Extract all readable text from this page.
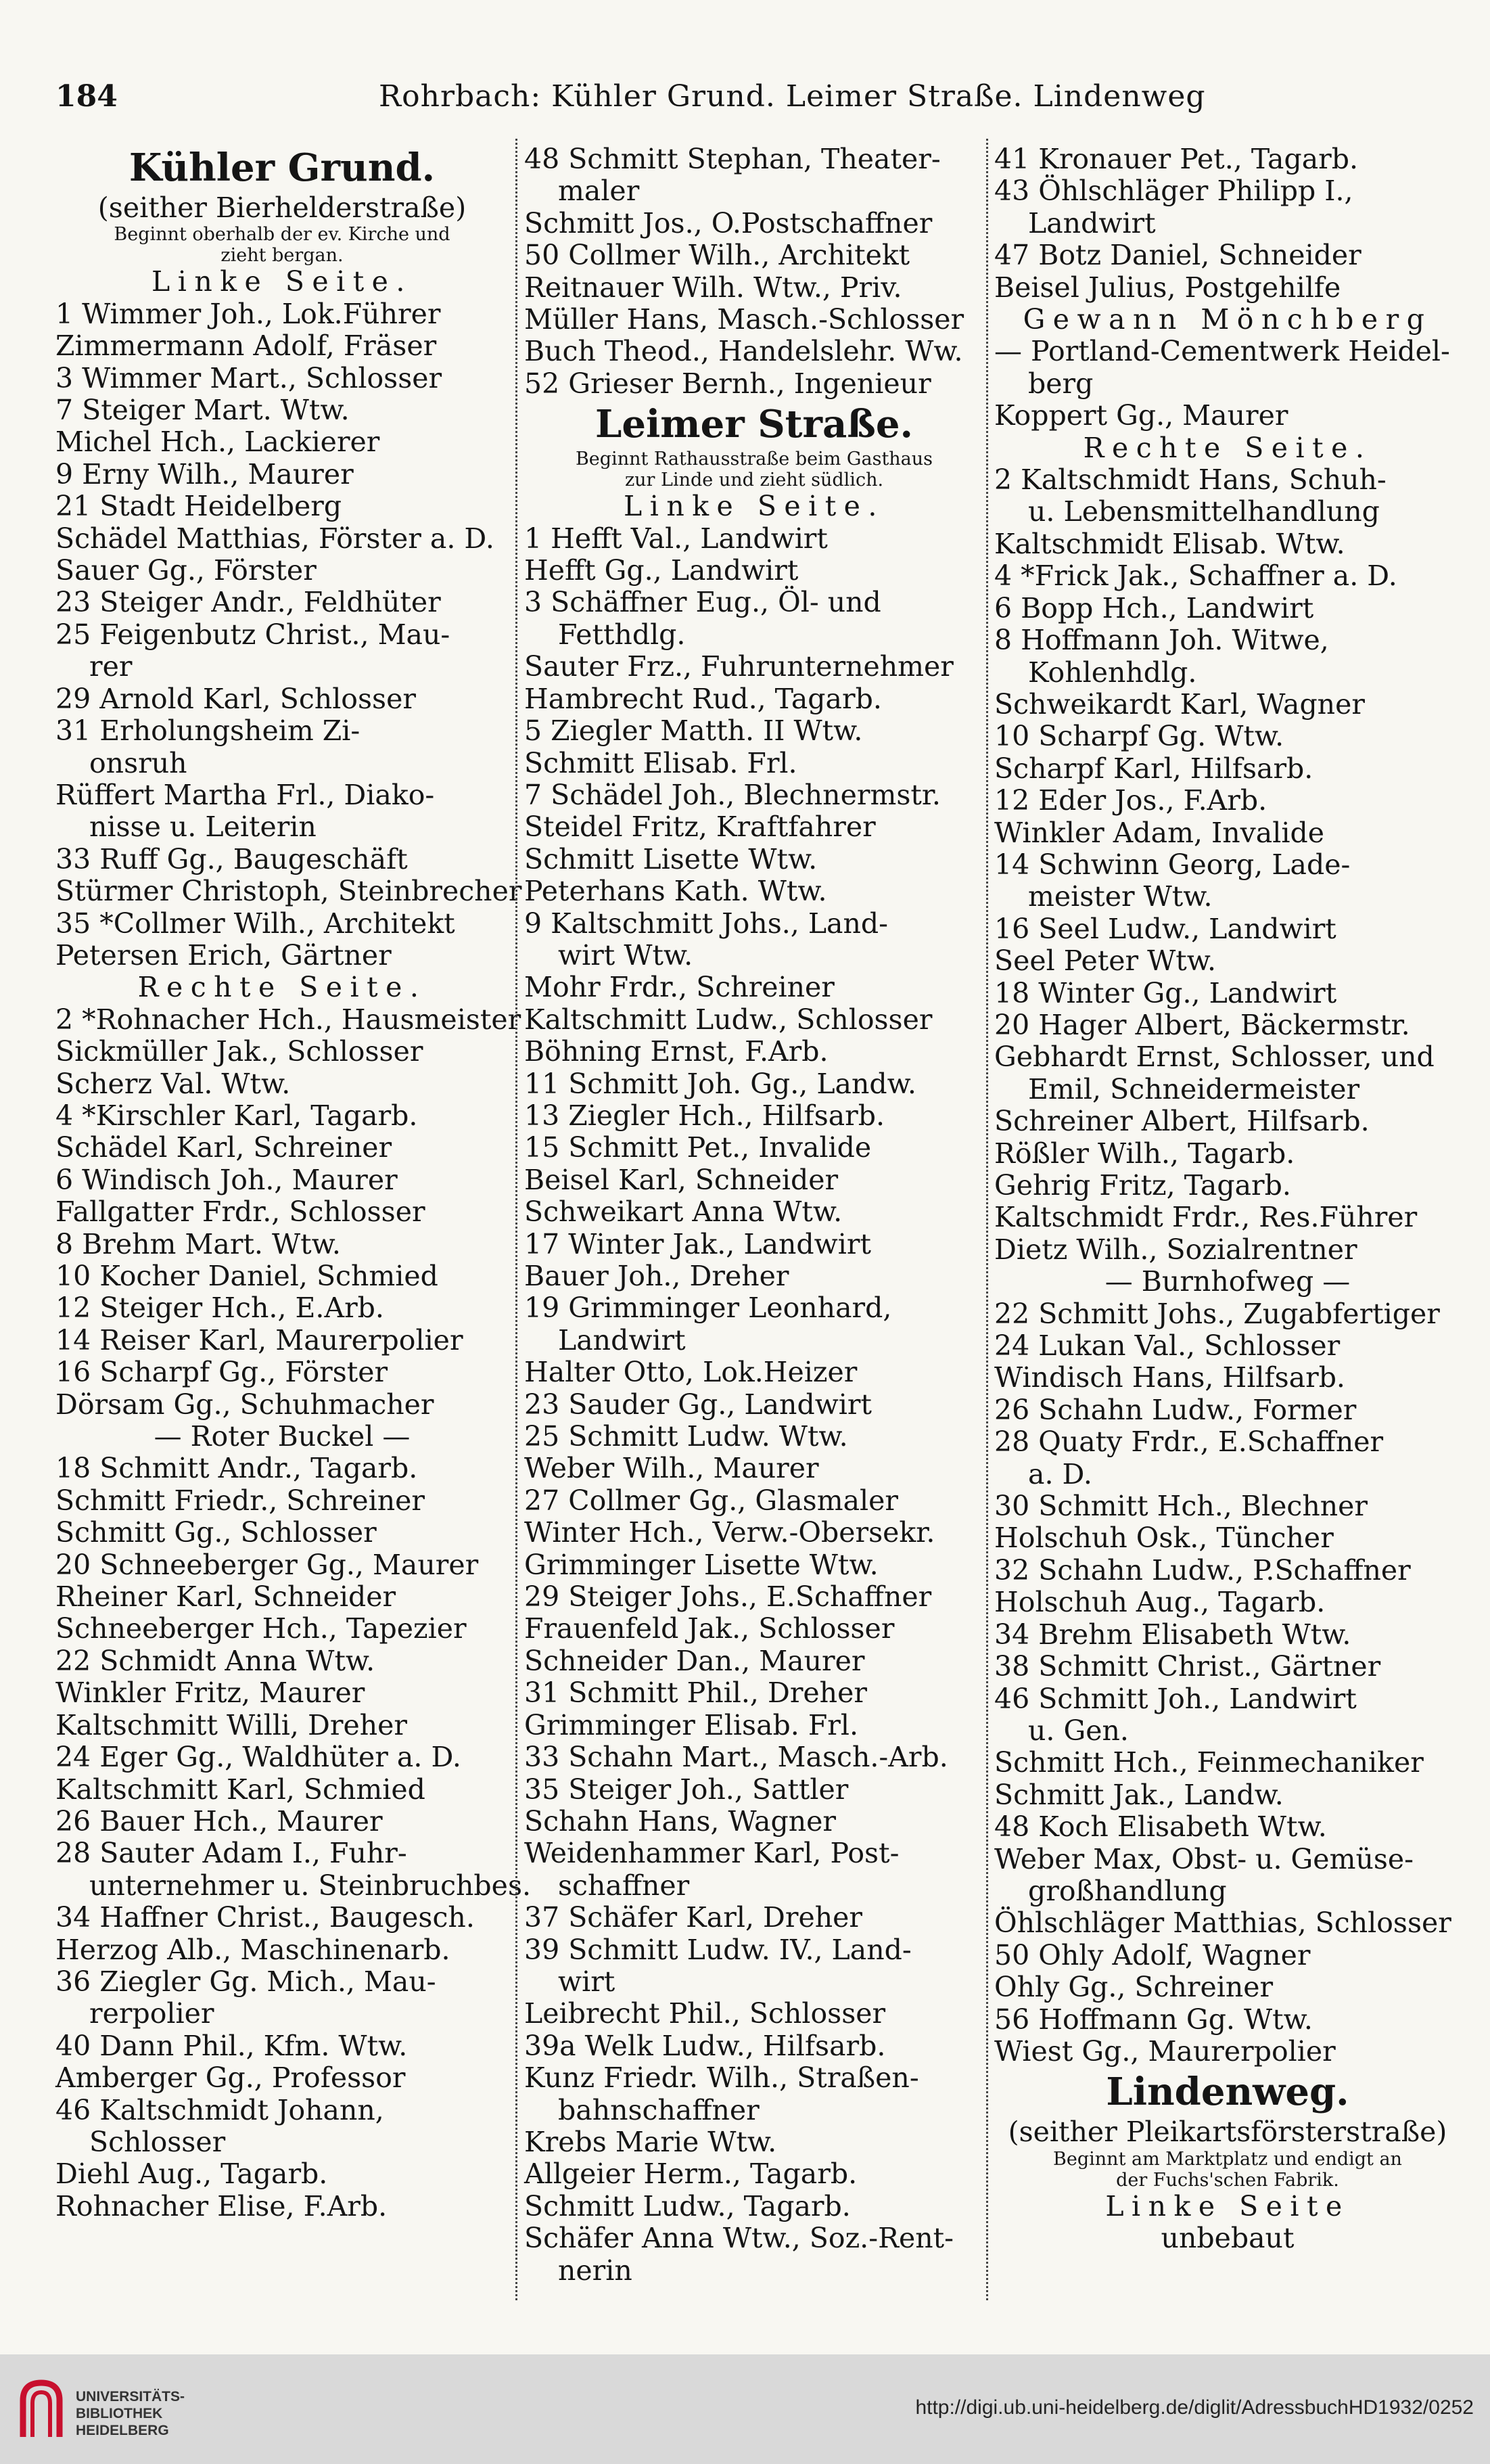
184	Rohrbach: Kühler Grund. Leimer Straße. Lindenweg
Kühler Grund.
(seither Bierhelderstraße)
Beginnt oberhalb der ev. Kirche und
zieht bergan.
Linke Seite.
1 Wimmer Joh., Lok.Führer
Zimmermann Adolf, Fräser
3 Wimmer Mart., Schlosser
7 Steiger Mart. Wtw.
Michel Hch., Lackierer
9 Erny Wilh., Maurer
21 Stadt Heidelberg
Schädel Matthias, Förster a. D.
Sauer Gg., Förster
23 Steiger Andr., Feldhüter
25 Feigenbutz Christ., Mau-
rer
29 Arnold Karl, Schlosser
31 Erholungsheim Zi-
onsruh
Rüffert Martha Frl., Diako-
nisse u. Leiterin
33 Ruff Gg., Baugeschäft
Stürmer Christoph, Steinbrecher
35 *Collmer Wilh., Architekt
Petersen Erich, Gärtner
Rechte Seite.
2 *Rohnacher Hch., Hausmeister
Sickmüller Jak., Schlosser
Scherz Val. Wtw.
4 *Kirschler Karl, Tagarb.
Schädel Karl, Schreiner
6 Windisch Joh., Maurer
Fallgatter Frdr., Schlosser
8 Brehm Mart. Wtw.
10 Kocher Daniel, Schmied
12 Steiger Hch., E.Arb.
14 Reiser Karl, Maurerpolier
16 Scharpf Gg., Förster
Dörsam Gg., Schuhmacher
— Roter Buckel —
18 Schmitt Andr., Tagarb.
Schmitt Friedr., Schreiner
Schmitt Gg., Schlosser
20 Schneeberger Gg., Maurer
Rheiner Karl, Schneider
Schneeberger Hch., Tapezier
22 Schmidt Anna Wtw.
Winkler Fritz, Maurer
Kaltschmitt Willi, Dreher
24 Eger Gg., Waldhüter a. D.
Kaltschmitt Karl, Schmied
26 Bauer Hch., Maurer
28 Sauter Adam I., Fuhr-
unternehmer u. Steinbruchbes.
34 Haffner Christ., Baugesch.
Herzog Alb., Maschinenarb.
36 Ziegler Gg. Mich., Mau-
rerpolier
40 Dann Phil., Kfm. Wtw.
Amberger Gg., Professor
46 Kaltschmidt Johann,
Schlosser
Diehl Aug., Tagarb.
Rohnacher Elise, F.Arb.
48 Schmitt Stephan, Theater-
maler
Schmitt Jos., O.Postschaffner
50 Collmer Wilh., Architekt
Reitnauer Wilh. Wtw., Priv.
Müller Hans, Masch.-Schlosser
Buch Theod., Handelslehr. Ww.
52 Grieser Bernh., Ingenieur
Leimer Straße.
Beginnt Rathausstraße beim Gasthaus
zur Linde und zieht südlich.
Linke Seite.
1 Hefft Val., Landwirt
Hefft Gg., Landwirt
3 Schäffner Eug., Öl- und
Fetthdlg.
Sauter Frz., Fuhrunternehmer
Hambrecht Rud., Tagarb.
5 Ziegler Matth. II Wtw.
Schmitt Elisab. Frl.
7 Schädel Joh., Blechnermstr.
Steidel Fritz, Kraftfahrer
Schmitt Lisette Wtw.
Peterhans Kath. Wtw.
9 Kaltschmitt Johs., Land-
wirt Wtw.
Mohr Frdr., Schreiner
Kaltschmitt Ludw., Schlosser
Böhning Ernst, F.Arb.
11 Schmitt Joh. Gg., Landw.
13 Ziegler Hch., Hilfsarb.
15 Schmitt Pet., Invalide
Beisel Karl, Schneider
Schweikart Anna Wtw.
17 Winter Jak., Landwirt
Bauer Joh., Dreher
19 Grimminger Leonhard,
Landwirt
Halter Otto, Lok.Heizer
23 Sauder Gg., Landwirt
25 Schmitt Ludw. Wtw.
Weber Wilh., Maurer
27 Collmer Gg., Glasmaler
Winter Hch., Verw.-Obersekr.
Grimminger Lisette Wtw.
29 Steiger Johs., E.Schaffner
Frauenfeld Jak., Schlosser
Schneider Dan., Maurer
31 Schmitt Phil., Dreher
Grimminger Elisab. Frl.
33 Schahn Mart., Masch.-Arb.
35 Steiger Joh., Sattler
Schahn Hans, Wagner
Weidenhammer Karl, Post-
schaffner
37 Schäfer Karl, Dreher
39 Schmitt Ludw. IV., Land-
wirt
Leibrecht Phil., Schlosser
39a Welk Ludw., Hilfsarb.
Kunz Friedr. Wilh., Straßen-
bahnschaffner
Krebs Marie Wtw.
Allgeier Herm., Tagarb.
Schmitt Ludw., Tagarb.
Schäfer Anna Wtw., Soz.-Rent-
nerin
41 Kronauer Pet., Tagarb.
43 Öhlschläger Philipp I.,
Landwirt
47 Botz Daniel, Schneider
Beisel Julius, Postgehilfe
Gewann Mönchberg
— Portland-Cementwerk Heidel-
berg
Koppert Gg., Maurer
Rechte Seite.
2 Kaltschmidt Hans, Schuh-
u. Lebensmittelhandlung
Kaltschmidt Elisab. Wtw.
4 *Frick Jak., Schaffner a. D.
6 Bopp Hch., Landwirt
8 Hoffmann Joh. Witwe,
Kohlenhdlg.
Schweikardt Karl, Wagner
10 Scharpf Gg. Wtw.
Scharpf Karl, Hilfsarb.
12 Eder Jos., F.Arb.
Winkler Adam, Invalide
14 Schwinn Georg, Lade-
meister Wtw.
16 Seel Ludw., Landwirt
Seel Peter Wtw.
18 Winter Gg., Landwirt
20 Hager Albert, Bäckermstr.
Gebhardt Ernst, Schlosser, und
Emil, Schneidermeister
Schreiner Albert, Hilfsarb.
Rößler Wilh., Tagarb.
Gehrig Fritz, Tagarb.
Kaltschmidt Frdr., Res.Führer
Dietz Wilh., Sozialrentner
— Burnhofweg —
22 Schmitt Johs., Zugabfertiger
24 Lukan Val., Schlosser
Windisch Hans, Hilfsarb.
26 Schahn Ludw., Former
28 Quaty Frdr., E.Schaffner
a. D.
30 Schmitt Hch., Blechner
Holschuh Osk., Tüncher
32 Schahn Ludw., P.Schaffner
Holschuh Aug., Tagarb.
34 Brehm Elisabeth Wtw.
38 Schmitt Christ., Gärtner
46 Schmitt Joh., Landwirt
u. Gen.
Schmitt Hch., Feinmechaniker
Schmitt Jak., Landw.
48 Koch Elisabeth Wtw.
Weber Max, Obst- u. Gemüse-
großhandlung
Öhlschläger Matthias, Schlosser
50 Ohly Adolf, Wagner
Ohly Gg., Schreiner
56 Hoffmann Gg. Wtw.
Wiest Gg., Maurerpolier
Lindenweg.
(seither Pleikartsförsterstraße)
Beginnt am Marktplatz und endigt an
der Fuchs'schen Fabrik.
Linke Seite
unbebaut
UNIVERSITÄTS-
BIBLIOTHEK
HEIDELBERG
http://digi.ub.uni-heidelberg.de/diglit/AdressbuchHD1932/0252
